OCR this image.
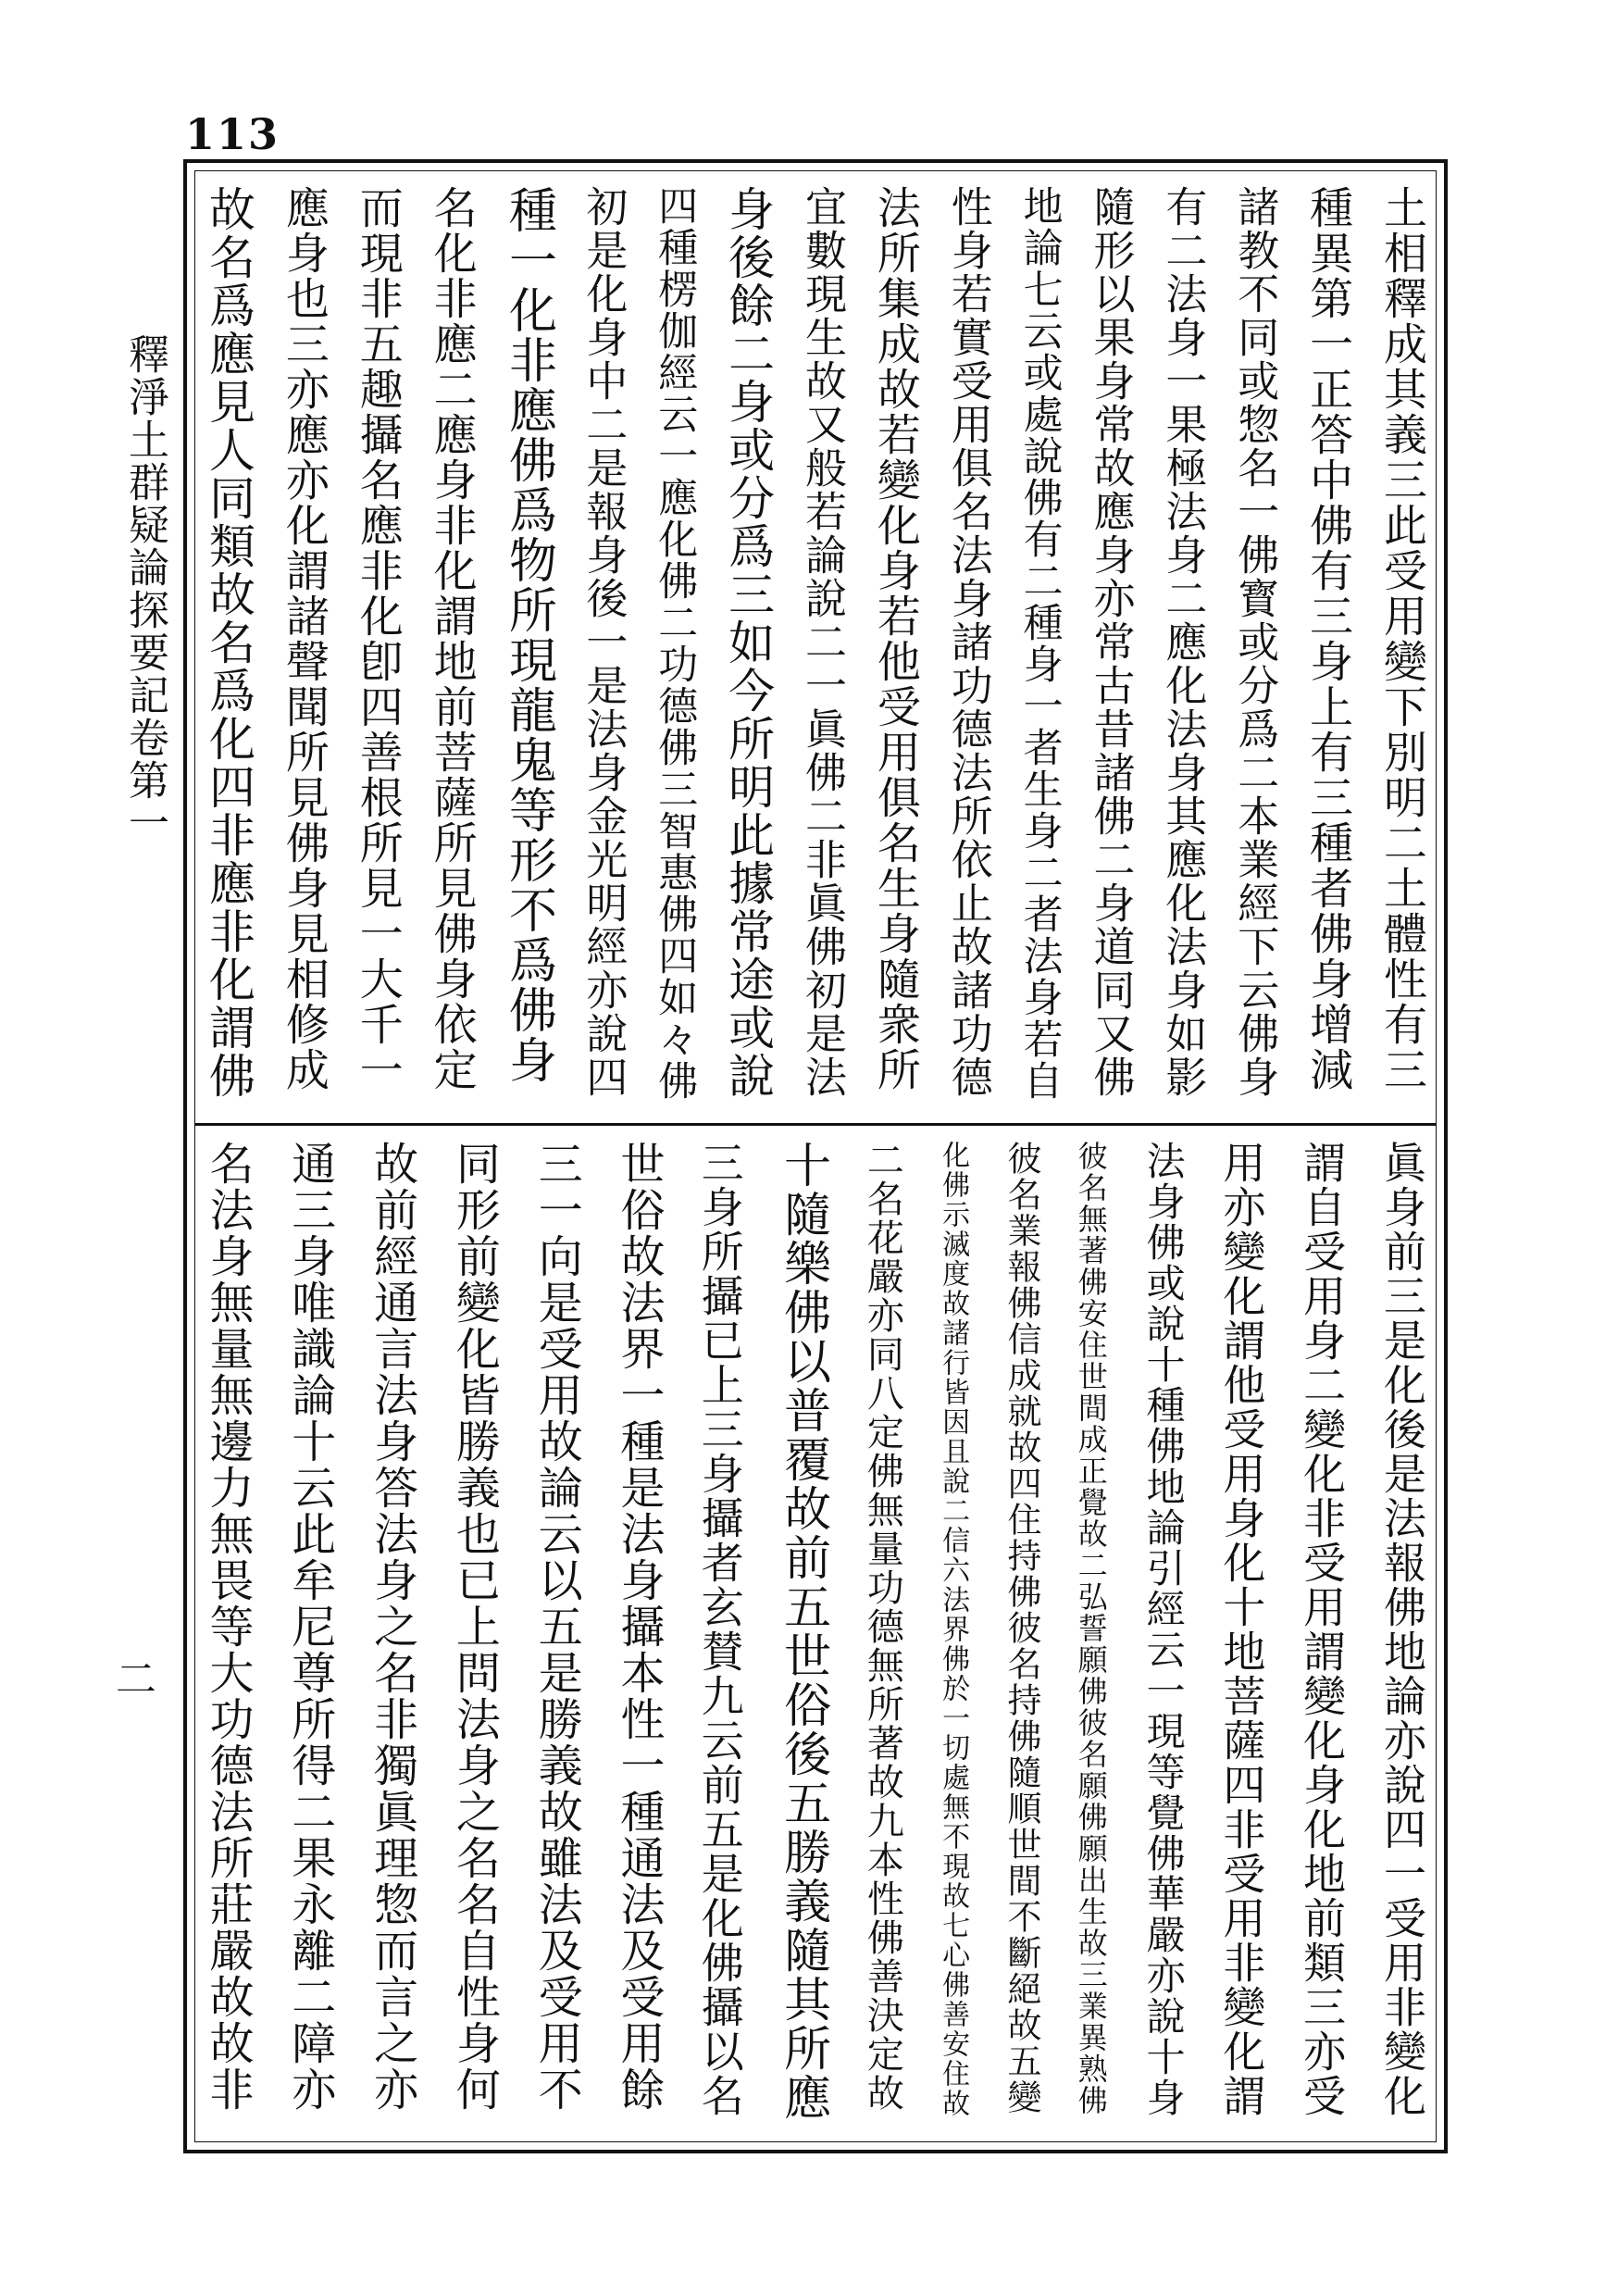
113
釋淨土群疑論探要記卷第一
二
土相釋成其義三此受用變下別明二土體性有三
種異第一正答中佛有三身上有三種者佛身增減
諸教不同或惣名一佛寳或分爲二本業經下云佛身
有二法身一果極法身二應化法身其應化法身如影
隨形以果身常故應身亦常古昔諸佛二身道同又佛
地論七云或處說佛有二種身一者生身二者法身若自
性身若實受用俱名法身諸功德法所依止故諸功德
法所集成故若變化身若他受用俱名生身隨衆所
宜數現生故又般若論說二一眞佛二非眞佛初是法
身後餘二身或分爲三如今所明此據常途或說
四種楞伽經云一應化佛二功德佛三智惠佛四如々佛
初是化身中二是報身後一是法身金光明經亦說四
種一化非應佛爲物所現龍鬼等形不爲佛身
名化非應二應身非化謂地前菩薩所見佛身依定
而現非五趣攝名應非化卽四善根所見一大千一
應身也三亦應亦化謂諸聲聞所見佛身見相修成
故名爲應見人同類故名爲化四非應非化謂佛
眞身前三是化後是法報佛地論亦說四一受用非變化
謂自受用身二變化非受用謂變化身化地前類三亦受
用亦變化謂他受用身化十地菩薩四非受用非變化謂
法身佛或說十種佛地論引經云一現等覺佛華嚴亦說十身
彼名無著佛安住世間成正覺故二弘誓願佛彼名願佛願出生故三業異熟佛
彼名業報佛信成就故四住持佛彼名持佛隨順世間不斷絕故五變
化佛示滅度故諸行皆因且說二信六法界佛於一切處無不現故七心佛善安住故
二名花嚴亦同八定佛無量功德無所著故九本性佛善決定故
十隨樂佛以普覆故前五世俗後五勝義隨其所應
三身所攝已上三身攝者玄賛九云前五是化佛攝以名
世俗故法界一種是法身攝本性一種通法及受用餘
三一向是受用故論云以五是勝義故雖法及受用不
同形前變化皆勝義也已上問法身之名名自性身何
故前經通言法身答法身之名非獨眞理惣而言之亦
通三身唯識論十云此牟尼尊所得二果永離二障亦
名法身無量無邊力無畏等大功德法所莊嚴故故非
